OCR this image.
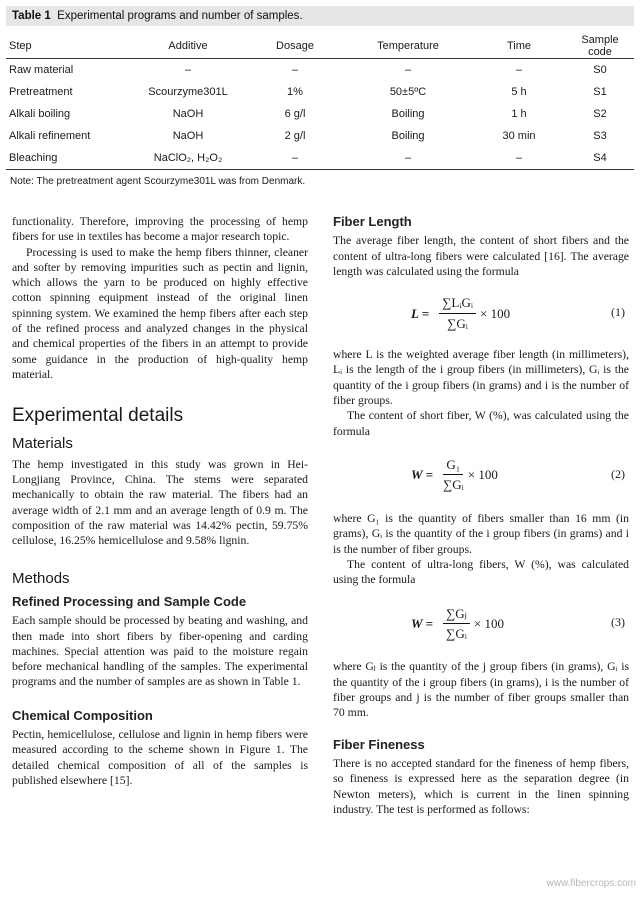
Table 1 Experimental programs and number of samples.
Step	Additive	Dosage	Temperature	Time	Sample code
Raw material	–	–	–	–	S0
Pretreatment	Scourzyme301L	1%	50±5ºC	5 h	S1
Alkali boiling	NaOH	6 g/l	Boiling	1 h	S2
Alkali refinement	NaOH	2 g/l	Boiling	30 min	S3
Bleaching	NaClO₂, H₂O₂	–	–	–	S4
Note: The pretreatment agent Scourzyme301L was from Denmark.

functionality. Therefore, improving the processing of hemp fibers for use in textiles has become a major research topic.

Processing is used to make the hemp fibers thinner, cleaner and softer by removing impurities such as pectin and lignin, which allows the yarn to be produced on highly effective cotton spinning equipment instead of the original linen spinning system. We examined the hemp fibers after each step of the refined process and analyzed changes in the physical and chemical properties of the fibers in an attempt to provide some guidance in the production of high-quality hemp material.

Experimental details
Materials

The hemp investigated in this study was grown in Hei-Longjiang Province, China. The stems were separated mechanically to obtain the raw material. The fibers had an average width of 2.1 mm and an average length of 0.9 m. The composition of the raw material was 14.42% pectin, 59.75% cellulose, 16.25% hemicellulose and 9.58% lignin.

Methods
Refined Processing and Sample Code

Each sample should be processed by beating and washing, and then made into short fibers by fiber-opening and carding machines. Special attention was paid to the moisture regain before mechanical handling of the samples. The experimental programs and the number of samples are as shown in Table 1.

Chemical Composition

Pectin, hemicellulose, cellulose and lignin in hemp fibers were measured according to the scheme shown in Figure 1. The detailed chemical composition of all of the samples is published elsewhere [15].

Fiber Length

The average fiber length, the content of short fibers and the content of ultra-long fibers were calculated [16]. The average length was calculated using the formula

$L = \frac{\text{∑LᵢGᵢ}}{\text{∑Gᵢ}} \times 100$	(1)

where L is the weighted average fiber length (in millimeters), Lᵢ is the length of the i group fibers (in millimeters), Gᵢ is the quantity of the i group fibers (in grams) and i is the number of fiber groups.

The content of short fiber, W (%), was calculated using the formula

$W = \frac{\text{G₁}}{\text{∑Gᵢ}} \times 100$	(2)

where G₁ is the quantity of fibers smaller than 16 mm (in grams), Gᵢ is the quantity of the i group fibers (in grams) and i is the number of fiber groups.

The content of ultra-long fibers, W (%), was calculated using the formula

$W = \frac{\text{∑Gⱼ}}{\text{∑Gᵢ}} \times 100$	(3)

where Gⱼ is the quantity of the j group fibers (in grams), Gᵢ is the quantity of the i group fibers (in grams), i is the number of fiber groups and j is the number of fiber groups smaller than 70 mm.

Fiber Fineness

There is no accepted standard for the fineness of hemp fibers, so fineness is expressed here as the separation degree (in Newton meters), which is current in the linen spinning industry. The test is performed as follows:

www.fibercrops.com
